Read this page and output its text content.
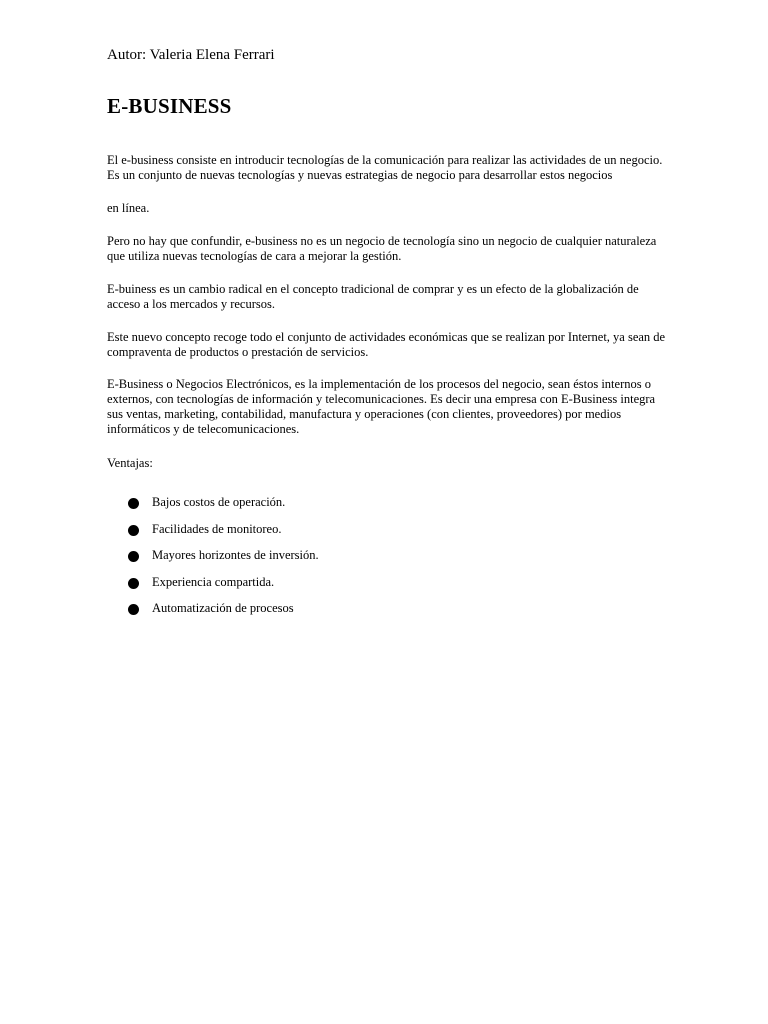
Autor: Valeria Elena Ferrari
E-BUSINESS

El e-business consiste en introducir tecnologías de la comunicación para realizar las actividades de un negocio. Es un conjunto de nuevas tecnologías y nuevas estrategias de negocio para desarrollar estos negocios

en línea.

Pero no hay que confundir, e-business no es un negocio de tecnología sino un negocio de cualquier naturaleza que utiliza nuevas tecnologías de cara a mejorar la gestión.

E-buiness es un cambio radical en el concepto tradicional de comprar y es un efecto de la globalización de acceso a los mercados y recursos.

Este nuevo concepto recoge todo el conjunto de actividades económicas que se realizan por Internet, ya sean de compraventa de productos o prestación de servicios.

E-Business o Negocios Electrónicos, es la implementación de los procesos del negocio, sean éstos internos o externos, con tecnologías de información y telecomunicaciones. Es decir una empresa con E-Business integra sus ventas, marketing, contabilidad, manufactura y operaciones (con clientes, proveedores) por medios informáticos y de telecomunicaciones.

Ventajas:
Bajos costos de operación.
Facilidades de monitoreo.
Mayores horizontes de inversión.
Experiencia compartida.
Automatización de procesos
